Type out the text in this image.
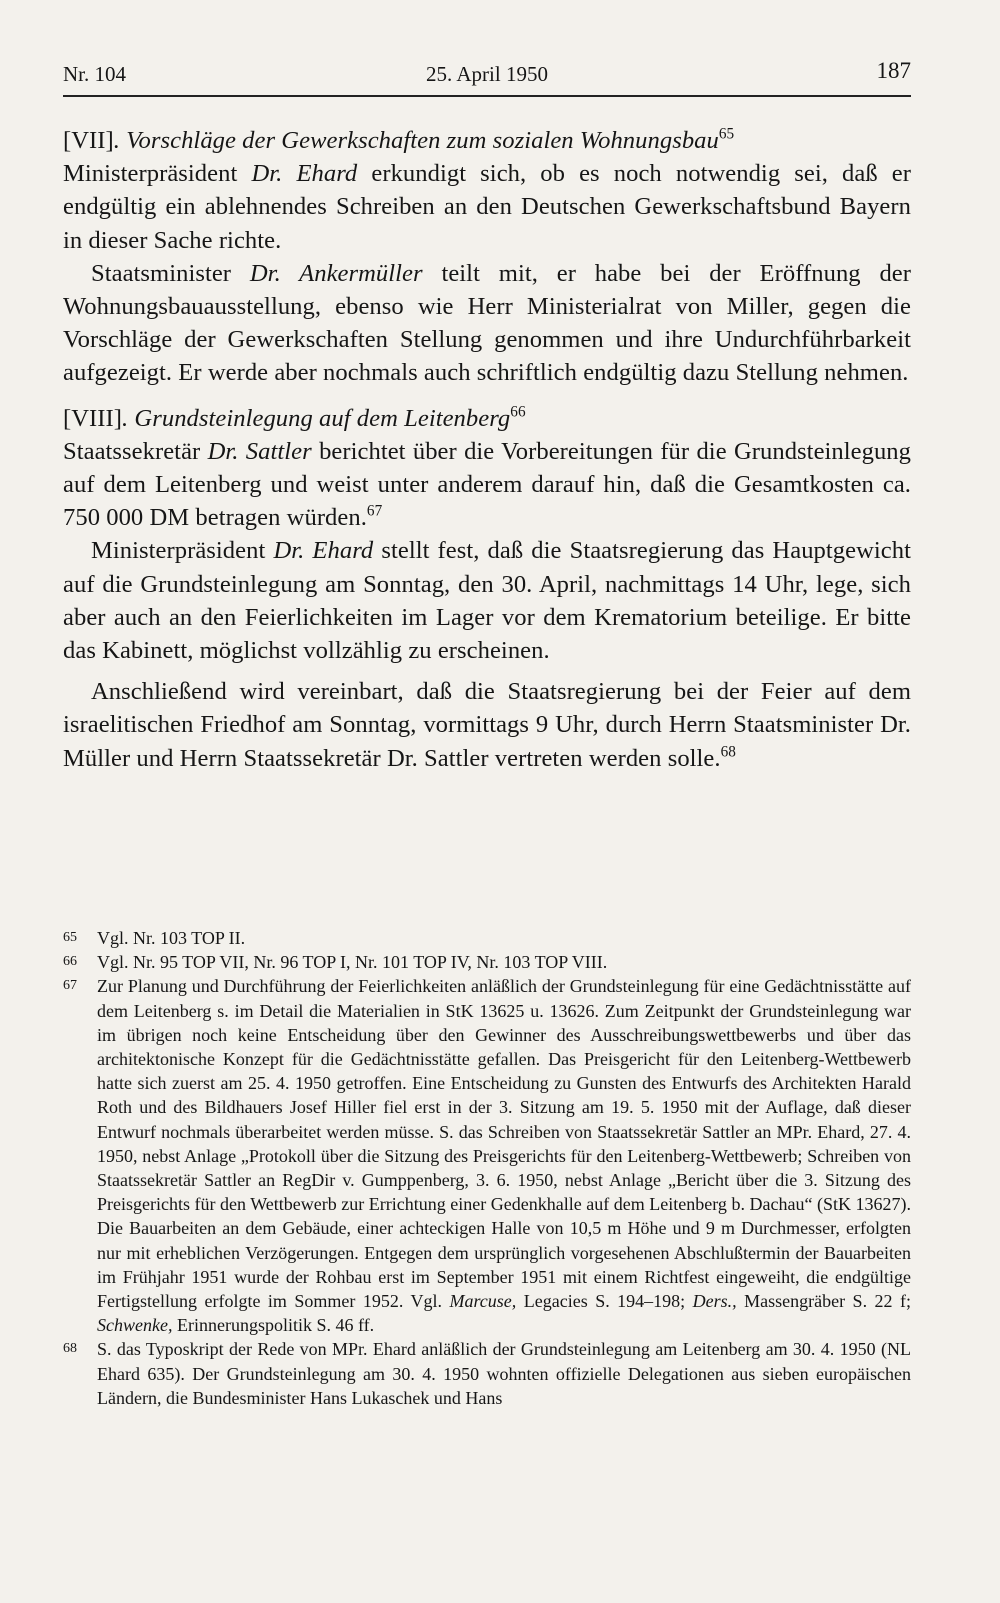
Nr. 104	25. April 1950	187

[VII]. Vorschläge der Gewerkschaften zum sozialen Wohnungsbau$^{65}$

Ministerpräsident Dr. Ehard erkundigt sich, ob es noch notwendig sei, daß er endgültig ein ablehnendes Schreiben an den Deutschen Gewerkschaftsbund Bayern in dieser Sache richte.

Staatsminister Dr. Ankermüller teilt mit, er habe bei der Eröffnung der Wohnungsbauausstellung, ebenso wie Herr Ministerialrat von Miller, gegen die Vorschläge der Gewerkschaften Stellung genommen und ihre Undurchführbarkeit aufgezeigt. Er werde aber nochmals auch schriftlich endgültig dazu Stellung nehmen.

[VIII]. Grundsteinlegung auf dem Leitenberg$^{66}$

Staatssekretär Dr. Sattler berichtet über die Vorbereitungen für die Grundsteinlegung auf dem Leitenberg und weist unter anderem darauf hin, daß die Gesamtkosten ca. 750 000 DM betragen würden.$^{67}$

Ministerpräsident Dr. Ehard stellt fest, daß die Staatsregierung das Hauptgewicht auf die Grundsteinlegung am Sonntag, den 30. April, nachmittags 14 Uhr, lege, sich aber auch an den Feierlichkeiten im Lager vor dem Krematorium beteilige. Er bitte das Kabinett, möglichst vollzählig zu erscheinen.

Anschließend wird vereinbart, daß die Staatsregierung bei der Feier auf dem israelitischen Friedhof am Sonntag, vormittags 9 Uhr, durch Herrn Staatsminister Dr. Müller und Herrn Staatssekretär Dr. Sattler vertreten werden solle.$^{68}$

65 Vgl. Nr. 103 TOP II.
66 Vgl. Nr. 95 TOP VII, Nr. 96 TOP I, Nr. 101 TOP IV, Nr. 103 TOP VIII.
67 Zur Planung und Durchführung der Feierlichkeiten anläßlich der Grundsteinlegung für eine Gedächtnisstätte auf dem Leitenberg s. im Detail die Materialien in StK 13625 u. 13626. Zum Zeitpunkt der Grundsteinlegung war im übrigen noch keine Entscheidung über den Gewinner des Ausschreibungswettbewerbs und über das architektonische Konzept für die Gedächtnisstätte gefallen. Das Preisgericht für den Leitenberg-Wettbewerb hatte sich zuerst am 25. 4. 1950 getroffen. Eine Entscheidung zu Gunsten des Entwurfs des Architekten Harald Roth und des Bildhauers Josef Hiller fiel erst in der 3. Sitzung am 19. 5. 1950 mit der Auflage, daß dieser Entwurf nochmals überarbeitet werden müsse. S. das Schreiben von Staatssekretär Sattler an MPr. Ehard, 27. 4. 1950, nebst Anlage „Protokoll über die Sitzung des Preisgerichts für den Leitenberg-Wettbewerb; Schreiben von Staatssekretär Sattler an RegDir v. Gumppenberg, 3. 6. 1950, nebst Anlage „Bericht über die 3. Sitzung des Preisgerichts für den Wettbewerb zur Errichtung einer Gedenkhalle auf dem Leitenberg b. Dachau“ (StK 13627). Die Bauarbeiten an dem Gebäude, einer achteckigen Halle von 10,5 m Höhe und 9 m Durchmesser, erfolgten nur mit erheblichen Verzögerungen. Entgegen dem ursprünglich vorgesehenen Abschlußtermin der Bauarbeiten im Frühjahr 1951 wurde der Rohbau erst im September 1951 mit einem Richtfest eingeweiht, die endgültige Fertigstellung erfolgte im Sommer 1952. Vgl. Marcuse, Legacies S. 194–198; Ders., Massengräber S. 22 f; Schwenke, Erinnerungspolitik S. 46 ff.
68 S. das Typoskript der Rede von MPr. Ehard anläßlich der Grundsteinlegung am Leitenberg am 30. 4. 1950 (NL Ehard 635). Der Grundsteinlegung am 30. 4. 1950 wohnten offizielle Delegationen aus sieben europäischen Ländern, die Bundesminister Hans Lukaschek und Hans
